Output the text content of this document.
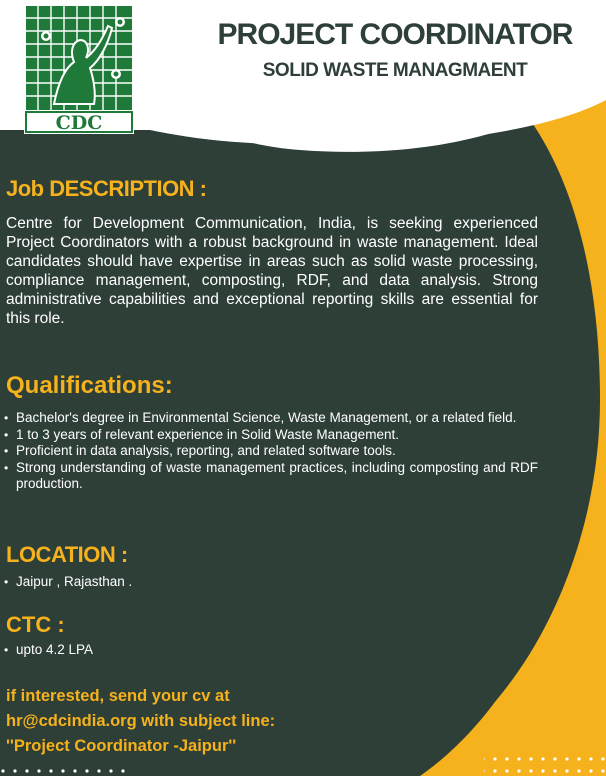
CDC
PROJECT COORDINATOR
SOLID WASTE MANAGMAENT
Job DESCRIPTION :

Centre for Development Communication, India, is seeking experienced Project Coordinators with a robust background in waste management. Ideal candidates should have expertise in areas such as solid waste processing, compliance management, composting, RDF, and data analysis. Strong administrative capabilities and exceptional reporting skills are essential for this role.

Qualifications:
• Bachelor's degree in Environmental Science, Waste Management, or a related field.
• 1 to 3 years of relevant experience in Solid Waste Management.
• Proficient in data analysis, reporting, and related software tools.
• Strong understanding of waste management practices, including composting and RDF production.
LOCATION :
• Jaipur , Rajasthan .
CTC :
• upto 4.2 LPA

if interested, send your cv at
hr@cdcindia.org with subject line:
''Project Coordinator -Jaipur''
